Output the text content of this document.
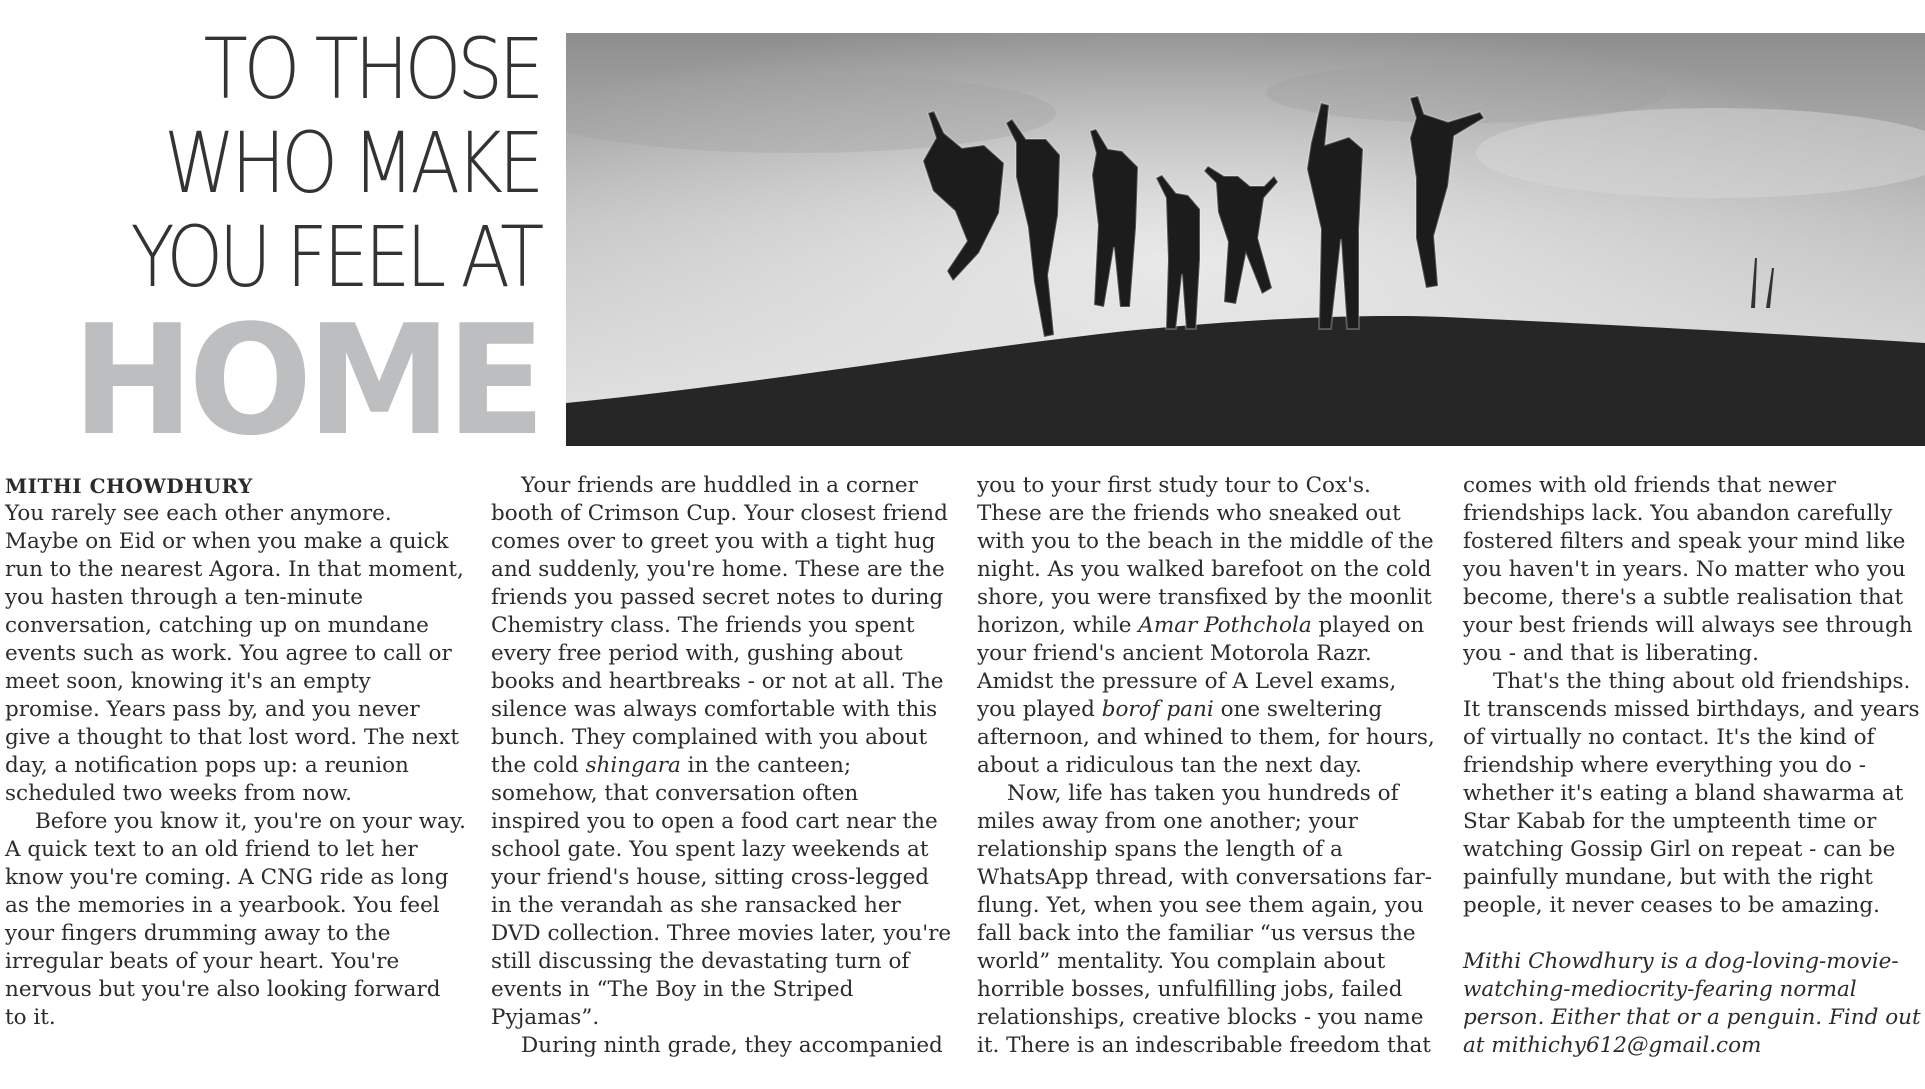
TO THOSE
WHO MAKE
YOU FEEL AT
HOME

MITHI CHOWDHURY

You rarely see each other anymore. Maybe on Eid or when you make a quick run to the nearest Agora. In that moment, you hasten through a ten-minute conversation, catching up on mundane events such as work. You agree to call or meet soon, knowing it's an empty promise. Years pass by, and you never give a thought to that lost word. The next day, a notification pops up: a reunion scheduled two weeks from now.

Before you know it, you're on your way. A quick text to an old friend to let her know you're coming. A CNG ride as long as the memories in a yearbook. You feel your fingers drumming away to the irregular beats of your heart. You're nervous but you're also looking forward to it.

Your friends are huddled in a corner booth of Crimson Cup. Your closest friend comes over to greet you with a tight hug and suddenly, you're home. These are the friends you passed secret notes to during Chemistry class. The friends you spent every free period with, gushing about books and heartbreaks - or not at all. The silence was always comfortable with this bunch. They complained with you about the cold shingara in the canteen; somehow, that conversation often inspired you to open a food cart near the school gate. You spent lazy weekends at your friend's house, sitting cross-legged in the verandah as she ransacked her DVD collection. Three movies later, you're still discussing the devastating turn of events in “The Boy in the Striped Pyjamas”.

During ninth grade, they accompanied

you to your first study tour to Cox's. These are the friends who sneaked out with you to the beach in the middle of the night. As you walked barefoot on the cold shore, you were transfixed by the moonlit horizon, while Amar Pothchola played on your friend's ancient Motorola Razr. Amidst the pressure of A Level exams, you played borof pani one sweltering afternoon, and whined to them, for hours, about a ridiculous tan the next day.

Now, life has taken you hundreds of miles away from one another; your relationship spans the length of a WhatsApp thread, with conversations far-flung. Yet, when you see them again, you fall back into the familiar “us versus the world” mentality. You complain about horrible bosses, unfulfilling jobs, failed relationships, creative blocks - you name it. There is an indescribable freedom that

comes with old friends that newer friendships lack. You abandon carefully fostered filters and speak your mind like you haven't in years. No matter who you become, there's a subtle realisation that your best friends will always see through you - and that is liberating.

That's the thing about old friendships. It transcends missed birthdays, and years of virtually no contact. It's the kind of friendship where everything you do - whether it's eating a bland shawarma at Star Kabab for the umpteenth time or watching Gossip Girl on repeat - can be painfully mundane, but with the right people, it never ceases to be amazing.

Mithi Chowdhury is a dog-loving-movie-watching-mediocrity-fearing normal person. Either that or a penguin. Find out at mithichy612@gmail.com
